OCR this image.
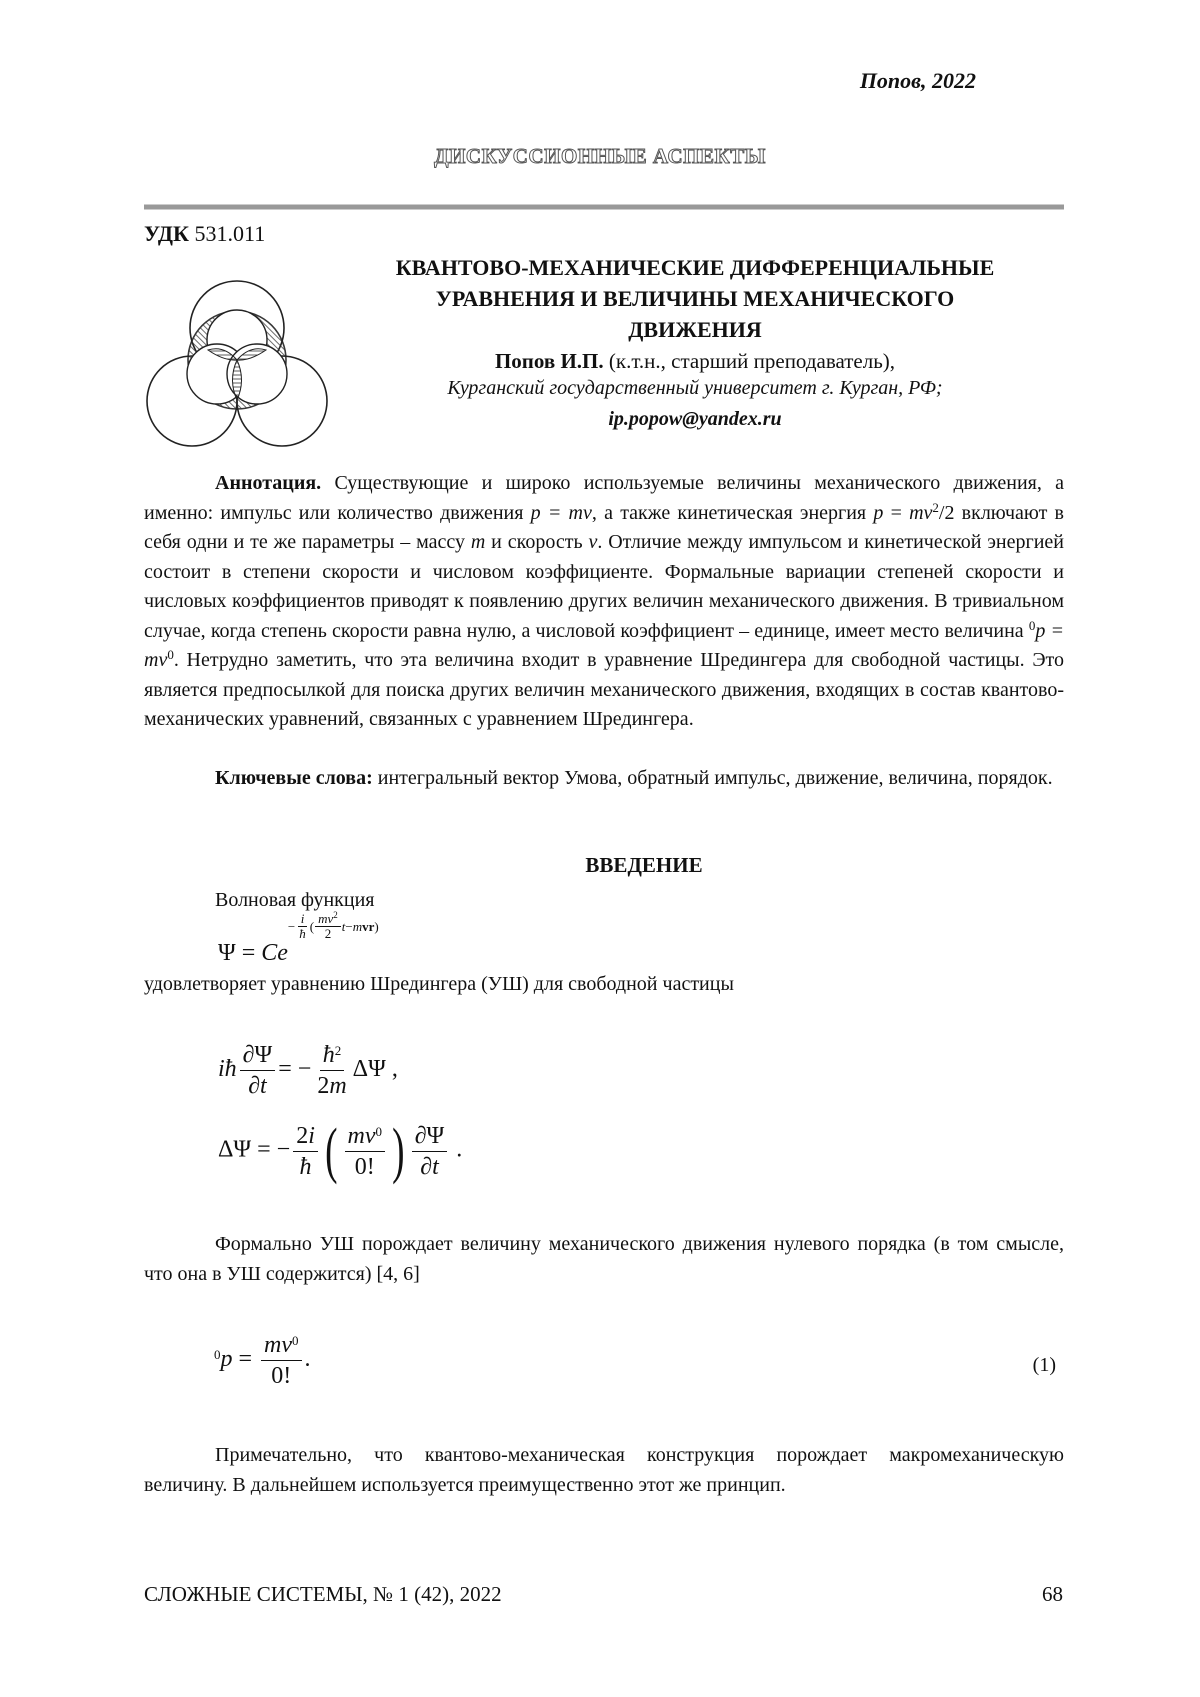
Попов, 2022
ДИСКУССИОННЫЕ АСПЕКТЫ
УДК 531.011
КВАНТОВО-МЕХАНИЧЕСКИЕ ДИФФЕРЕНЦИАЛЬНЫЕ
УРАВНЕНИЯ И ВЕЛИЧИНЫ МЕХАНИЧЕСКОГО
ДВИЖЕНИЯ
Попов И.П. (к.т.н., старший преподаватель),
Курганский государственный университет г. Курган, РФ;
ip.popow@yandex.ru
Аннотация. Существующие и широко используемые величины механического движения, а именно: импульс или количество движения p = mv, а также кинетическая энергия $p = mv^2/2$ включают в себя одни и те же параметры – массу m и скорость v. Отличие между импульсом и кинетической энергией состоит в степени скорости и числовом коэффициенте. Формальные вариации степеней скорости и числовых коэффициентов приводят к появлению других величин механического движения. В тривиальном случае, когда степень скорости равна нулю, а числовой коэффициент – единице, имеет место величина $^0p = mv^0$. Нетрудно заметить, что эта величина входит в уравнение Шредингера для свободной частицы. Это является предпосылкой для поиска других величин механического движения, входящих в состав квантово-механических уравнений, связанных с уравнением Шредингера.
Ключевые слова: интегральный вектор Умова, обратный импульс, движение, величина, порядок.
ВВЕДЕНИЕ
Волновая функция
$\Psi = Ce- \frac{i}{ħ}$ ( $\frac{mv^2}{2}$ t − m vr )
удовлетворяет уравнению Шредингера (УШ) для свободной частицы
iħ $\frac{\partial\Psi}{\partial t}$ = − $\frac{ħ^2}{2m}$ ΔΨ ,
ΔΨ = − $\frac{2i}{ħ}$ ( $\frac{mv^0}{0!}$ ) $\frac{\partial\Psi}{\partial t}$ .
Формально УШ порождает величину механического движения нулевого порядка (в том смысле, что она в УШ содержится) [4, 6]
$^0p = \frac{mv^0}{0!}$ .	(1)
Примечательно, что квантово-механическая конструкция порождает макромеханическую величину. В дальнейшем используется преимущественно этот же принцип.
СЛОЖНЫЕ СИСТЕМЫ, № 1 (42), 2022	68
